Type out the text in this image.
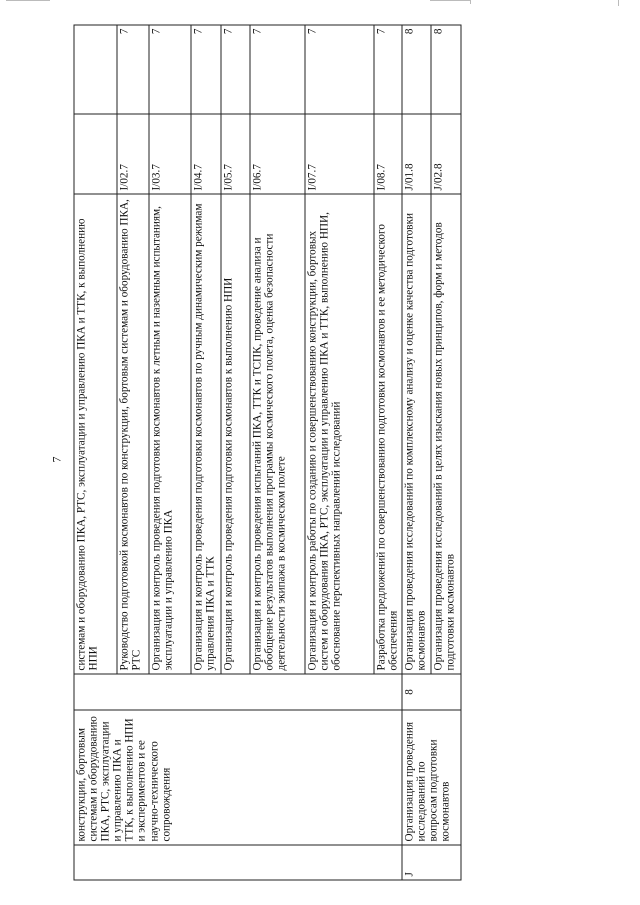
7
	конструкции, бортовым системам и оборудованию ПКА, РТС, эксплуатации и управлению ПКА и ТТК, к выполнению НПИ и экспериментов и ее научно-технического сопровождения		системам и оборудованию ПКА, РТС, эксплуатации и управлению ПКА и ТТК, к выполнению НПИ		
			Руководство подготовкой космонавтов по конструкции, бортовым системам и оборудованию ПКА, РТС	I/02.7	7
			Организация и контроль проведения подготовки космонавтов к летным и наземным испытаниям, эксплуатации и управлению ПКА	I/03.7	7
			Организация и контроль проведения подготовки космонавтов по ручным динамическим режимам управления ПКА и ТТК	I/04.7	7
			Организация и контроль проведения подготовки космонавтов к выполнению НПИ	I/05.7	7
			Организация и контроль проведения испытаний ПКА, ТТК и ТСПК, проведение анализа и обобщение результатов выполнения программы космического полета, оценка безопасности деятельности экипажа в космическом полете	I/06.7	7
			Организация и контроль работы по созданию и совершенствованию конструкции, бортовых систем и оборудования ПКА, РТС, эксплуатации и управлению ПКА и ТТК, выполнению НПИ, обоснование перспективных направлений исследований	I/07.7	7
			Разработка предложений по совершенствованию подготовки космонавтов и ее методического обеспечения	I/08.7	7
J	Организация проведения исследований по вопросам подготовки космонавтов	8	Организация проведения исследований по комплексному анализу и оценке качества подготовки космонавтов	J/01.8	8
			Организация проведения исследований в целях изыскания новых принципов, форм и методов подготовки космонавтов	J/02.8	8
